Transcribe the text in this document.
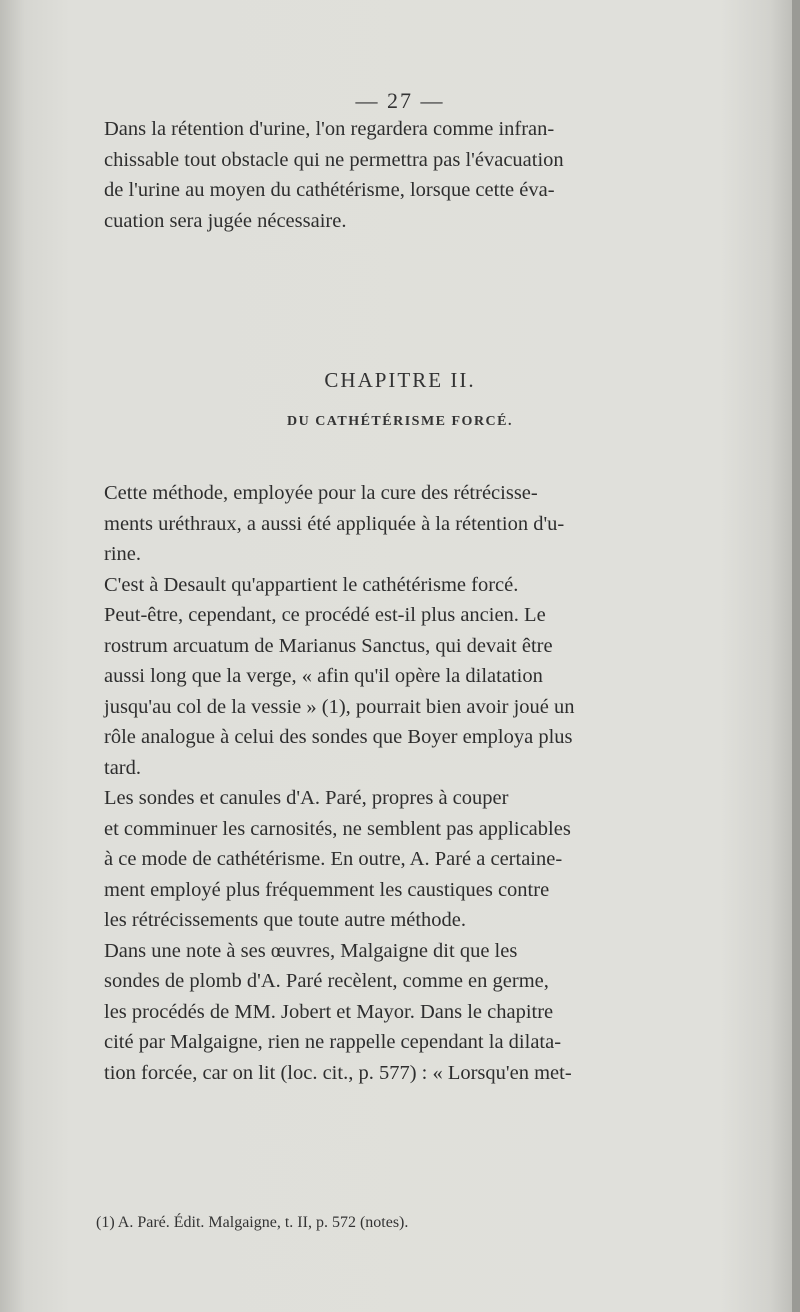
— 27 —

Dans la rétention d'urine, l'on regardera comme infran-
chissable tout obstacle qui ne permettra pas l'évacuation
de l'urine au moyen du cathétérisme, lorsque cette éva-
cuation sera jugée nécessaire.

CHAPITRE II.

DU CATHÉTÉRISME FORCÉ.

Cette méthode, employée pour la cure des rétrécisse-
ments uréthraux, a aussi été appliquée à la rétention d'u-
rine.

C'est à Desault qu'appartient le cathétérisme forcé.
Peut-être, cependant, ce procédé est-il plus ancien. Le
rostrum arcuatum de Marianus Sanctus, qui devait être
aussi long que la verge, « afin qu'il opère la dilatation
jusqu'au col de la vessie » (1), pourrait bien avoir joué un
rôle analogue à celui des sondes que Boyer employa plus
tard.

Les sondes et canules d'A. Paré, propres à couper
et comminuer les carnosités, ne semblent pas applicables
à ce mode de cathétérisme. En outre, A. Paré a certaine-
ment employé plus fréquemment les caustiques contre
les rétrécissements que toute autre méthode.

Dans une note à ses œuvres, Malgaigne dit que les
sondes de plomb d'A. Paré recèlent, comme en germe,
les procédés de MM. Jobert et Mayor. Dans le chapitre
cité par Malgaigne, rien ne rappelle cependant la dilata-
tion forcée, car on lit (loc. cit., p. 577) : « Lorsqu'en met-

(1) A. Paré. Édit. Malgaigne, t. II, p. 572 (notes).
